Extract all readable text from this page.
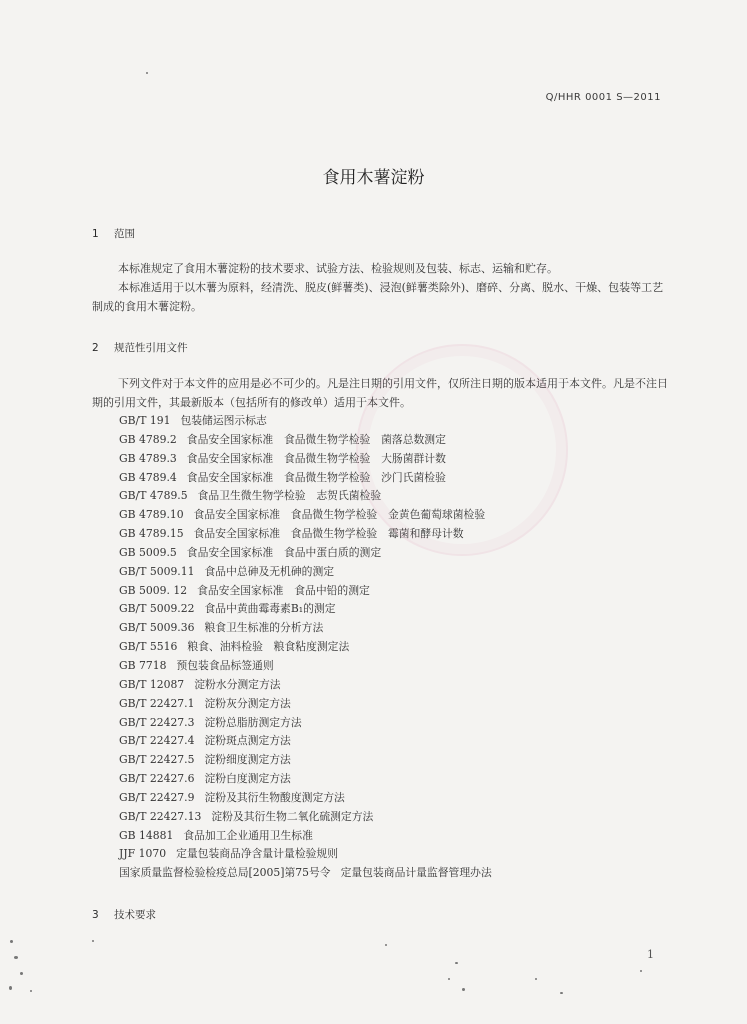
Q/HHR 0001 S—2011
食用木薯淀粉
1 范围

本标准规定了食用木薯淀粉的技术要求、试验方法、检验规则及包装、标志、运输和贮存。

本标准适用于以木薯为原料，经清洗、脱皮(鲜薯类)、浸泡(鲜薯类除外)、磨碎、分离、脱水、干燥、包装等工艺制成的食用木薯淀粉。

2 规范性引用文件

下列文件对于本文件的应用是必不可少的。凡是注日期的引用文件，仅所注日期的版本适用于本文件。凡是不注日期的引用文件，其最新版本（包括所有的修改单）适用于本文件。

GB/T 191 包装储运图示标志
GB 4789.2 食品安全国家标准　食品微生物学检验　菌落总数测定
GB 4789.3 食品安全国家标准　食品微生物学检验　大肠菌群计数
GB 4789.4 食品安全国家标准　食品微生物学检验　沙门氏菌检验
GB/T 4789.5 食品卫生微生物学检验　志贺氏菌检验
GB 4789.10 食品安全国家标准　食品微生物学检验　金黄色葡萄球菌检验
GB 4789.15 食品安全国家标准　食品微生物学检验　霉菌和酵母计数
GB 5009.5 食品安全国家标准　食品中蛋白质的测定
GB/T 5009.11 食品中总砷及无机砷的测定
GB 5009. 12 食品安全国家标准　食品中铅的测定
GB/T 5009.22 食品中黄曲霉毒素B₁的测定
GB/T 5009.36 粮食卫生标准的分析方法
GB/T 5516 粮食、油料检验　粮食粘度测定法
GB 7718 预包装食品标签通则
GB/T 12087 淀粉水分测定方法
GB/T 22427.1 淀粉灰分测定方法
GB/T 22427.3 淀粉总脂肪测定方法
GB/T 22427.4 淀粉斑点测定方法
GB/T 22427.5 淀粉细度测定方法
GB/T 22427.6 淀粉白度测定方法
GB/T 22427.9 淀粉及其衍生物酸度测定方法
GB/T 22427.13 淀粉及其衍生物二氧化硫测定方法
GB 14881 食品加工企业通用卫生标准
JJF 1070 定量包装商品净含量计量检验规则
国家质量监督检验检疫总局[2005]第75号令 定量包装商品计量监督管理办法
3 技术要求
1
